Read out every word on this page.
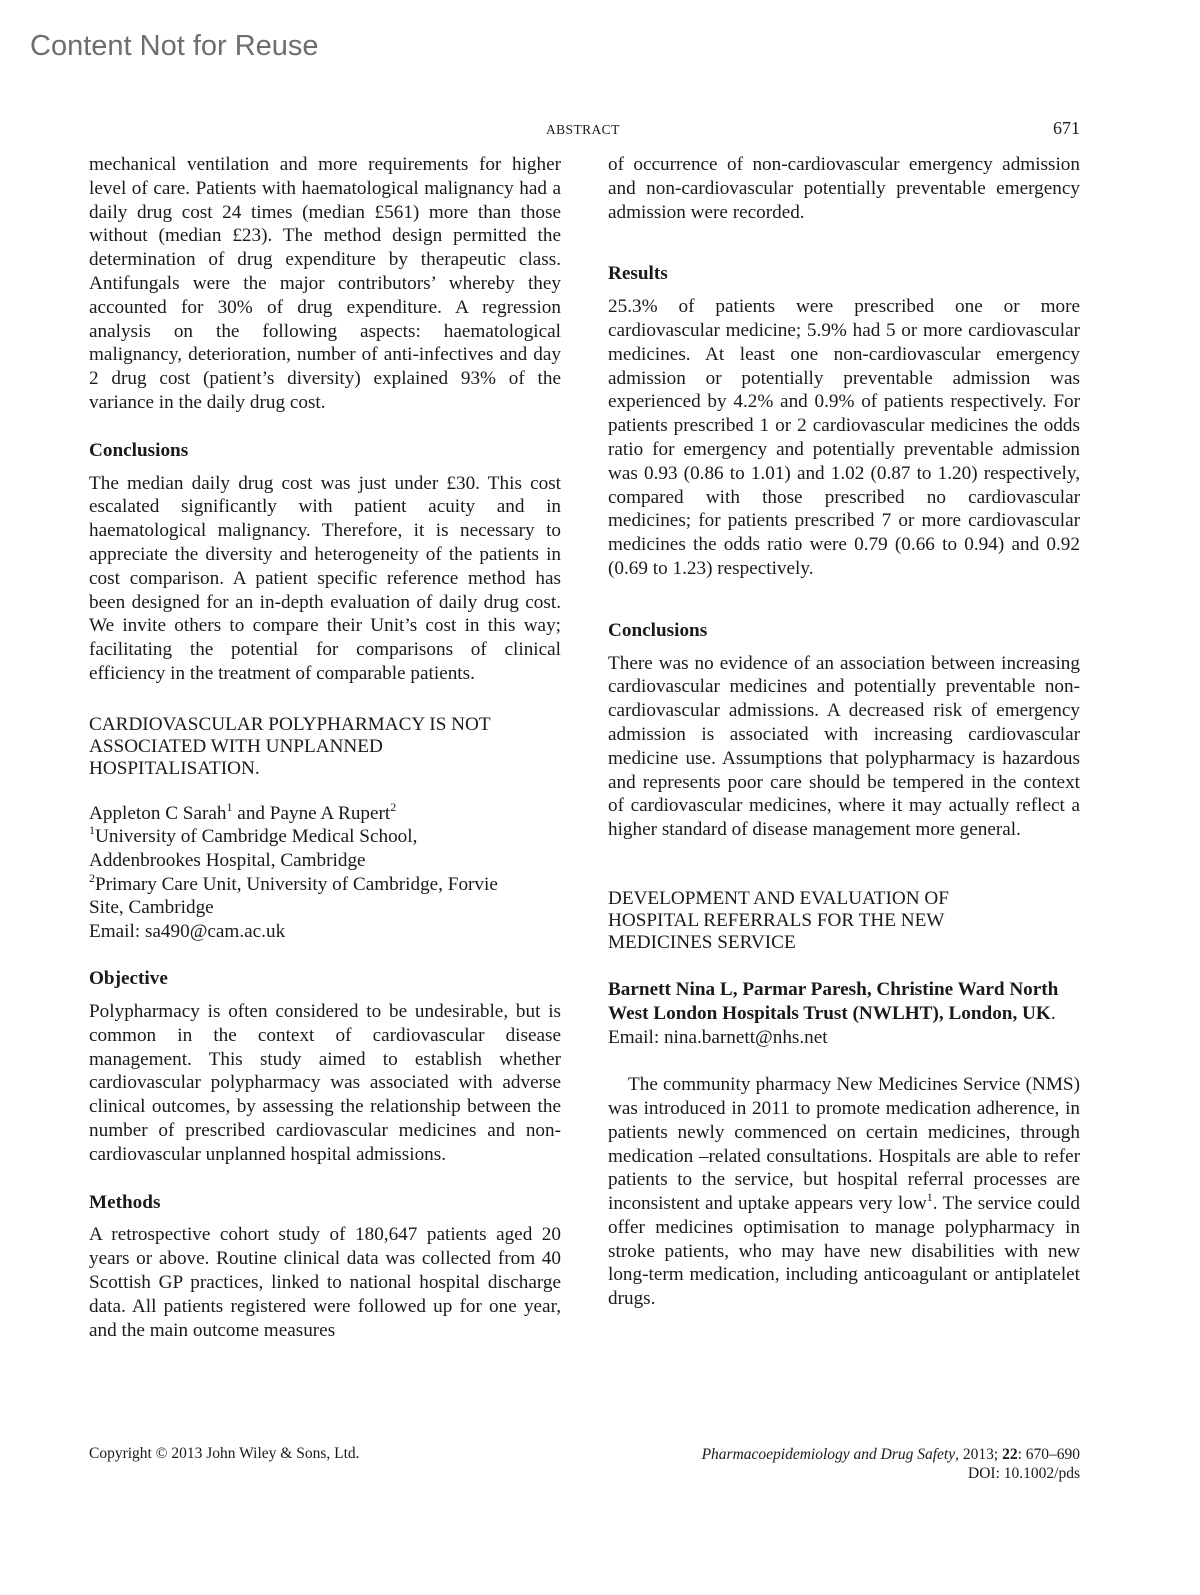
Content Not for Reuse
ABSTRACT	671

mechanical ventilation and more requirements for higher level of care. Patients with haematological malignancy had a daily drug cost 24 times (median £561) more than those without (median £23). The method design permitted the determination of drug expenditure by therapeutic class. Antifungals were the major contributors’ whereby they accounted for 30% of drug expenditure. A regression analysis on the following aspects: haematological malignancy, deterioration, number of anti-infectives and day 2 drug cost (patient’s diversity) explained 93% of the variance in the daily drug cost.

Conclusions

The median daily drug cost was just under £30. This cost escalated significantly with patient acuity and in haematological malignancy. Therefore, it is necessary to appreciate the diversity and heterogeneity of the patients in cost comparison. A patient specific reference method has been designed for an in-depth evaluation of daily drug cost. We invite others to compare their Unit’s cost in this way; facilitating the potential for comparisons of clinical efficiency in the treatment of comparable patients.

CARDIOVASCULAR POLYPHARMACY IS NOT
ASSOCIATED WITH UNPLANNED
HOSPITALISATION.
Appleton C Sarah$^1$ and Payne A Rupert$^2$
$^1$University of Cambridge Medical School,
Addenbrookes Hospital, Cambridge
$^2$Primary Care Unit, University of Cambridge, Forvie
Site, Cambridge
Email: sa490@cam.ac.uk
Objective

Polypharmacy is often considered to be undesirable, but is common in the context of cardiovascular disease management. This study aimed to establish whether cardiovascular polypharmacy was associated with adverse clinical outcomes, by assessing the relationship between the number of prescribed cardiovascular medicines and non-cardiovascular unplanned hospital admissions.

Methods

A retrospective cohort study of 180,647 patients aged 20 years or above. Routine clinical data was collected from 40 Scottish GP practices, linked to national hospital discharge data. All patients registered were followed up for one year, and the main outcome measures

of occurrence of non-cardiovascular emergency admission and non-cardiovascular potentially preventable emergency admission were recorded.

Results

25.3% of patients were prescribed one or more cardiovascular medicine; 5.9% had 5 or more cardiovascular medicines. At least one non-cardiovascular emergency admission or potentially preventable admission was experienced by 4.2% and 0.9% of patients respectively. For patients prescribed 1 or 2 cardiovascular medicines the odds ratio for emergency and potentially preventable admission was 0.93 (0.86 to 1.01) and 1.02 (0.87 to 1.20) respectively, compared with those prescribed no cardiovascular medicines; for patients prescribed 7 or more cardiovascular medicines the odds ratio were 0.79 (0.66 to 0.94) and 0.92 (0.69 to 1.23) respectively.

Conclusions

There was no evidence of an association between increasing cardiovascular medicines and potentially preventable non-cardiovascular admissions. A decreased risk of emergency admission is associated with increasing cardiovascular medicine use. Assumptions that polypharmacy is hazardous and represents poor care should be tempered in the context of cardiovascular medicines, where it may actually reflect a higher standard of disease management more general.

DEVELOPMENT AND EVALUATION OF
HOSPITAL REFERRALS FOR THE NEW
MEDICINES SERVICE

Barnett Nina L, Parmar Paresh, Christine Ward North West London Hospitals Trust (NWLHT), London, UK.

Email: nina.barnett@nhs.net

The community pharmacy New Medicines Service (NMS) was introduced in 2011 to promote medication adherence, in patients newly commenced on certain medicines, through medication –related consultations. Hospitals are able to refer patients to the service, but hospital referral processes are inconsistent and uptake appears very low$^1$. The service could offer medicines optimisation to manage polypharmacy in stroke patients, who may have new disabilities with new long-term medication, including anticoagulant or antiplatelet drugs.

Copyright © 2013 John Wiley & Sons, Ltd.	Pharmacoepidemiology and Drug Safety, 2013; 22: 670–690
DOI: 10.1002/pds
